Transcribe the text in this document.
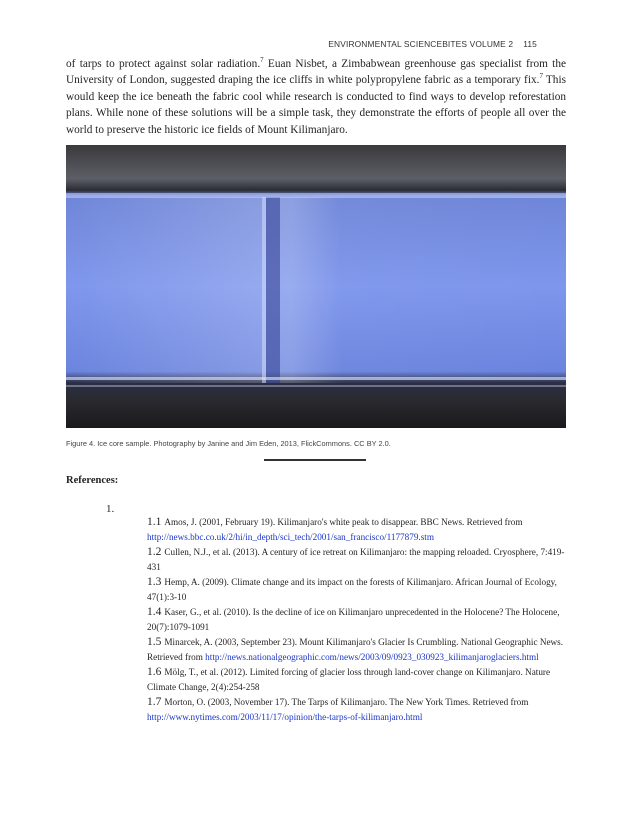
ENVIRONMENTAL SCIENCEBITES VOLUME 2 115
of tarps to protect against solar radiation.$^7$ Euan Nisbet, a Zimbabwean greenhouse gas specialist from the University of London, suggested draping the ice cliffs in white polypropylene fabric as a temporary fix.$^7$ This would keep the ice beneath the fabric cool while research is conducted to find ways to develop reforestation plans. While none of these solutions will be a simple task, they demonstrate the efforts of people all over the world to preserve the historic ice fields of Mount Kilimanjaro.
Figure 4. Ice core sample. Photography by Janine and Jim Eden, 2013, FlickCommons. CC BY 2.0.
References:
1.

1.1 Amos, J. (2001, February 19). Kilimanjaro's white peak to disappear. BBC News. Retrieved from http://news.bbc.co.uk/2/hi/in_depth/sci_tech/2001/san_francisco/1177879.stm

1.2 Cullen, N.J., et al. (2013). A century of ice retreat on Kilimanjaro: the mapping reloaded. Cryosphere, 7:419-431

1.3 Hemp, A. (2009). Climate change and its impact on the forests of Kilimanjaro. African Journal of Ecology, 47(1):3-10

1.4 Kaser, G., et al. (2010). Is the decline of ice on Kilimanjaro unprecedented in the Holocene? The Holocene, 20(7):1079-1091

1.5 Minarcek, A. (2003, September 23). Mount Kilimanjaro's Glacier Is Crumbling. National Geographic News. Retrieved from http://news.nationalgeographic.com/news/2003/09/0923_030923_kilimanjaroglaciers.html

1.6 Mölg, T., et al. (2012). Limited forcing of glacier loss through land-cover change on Kilimanjaro. Nature Climate Change, 2(4):254-258

1.7 Morton, O. (2003, November 17). The Tarps of Kilimanjaro. The New York Times. Retrieved from http://www.nytimes.com/2003/11/17/opinion/the-tarps-of-kilimanjaro.html
